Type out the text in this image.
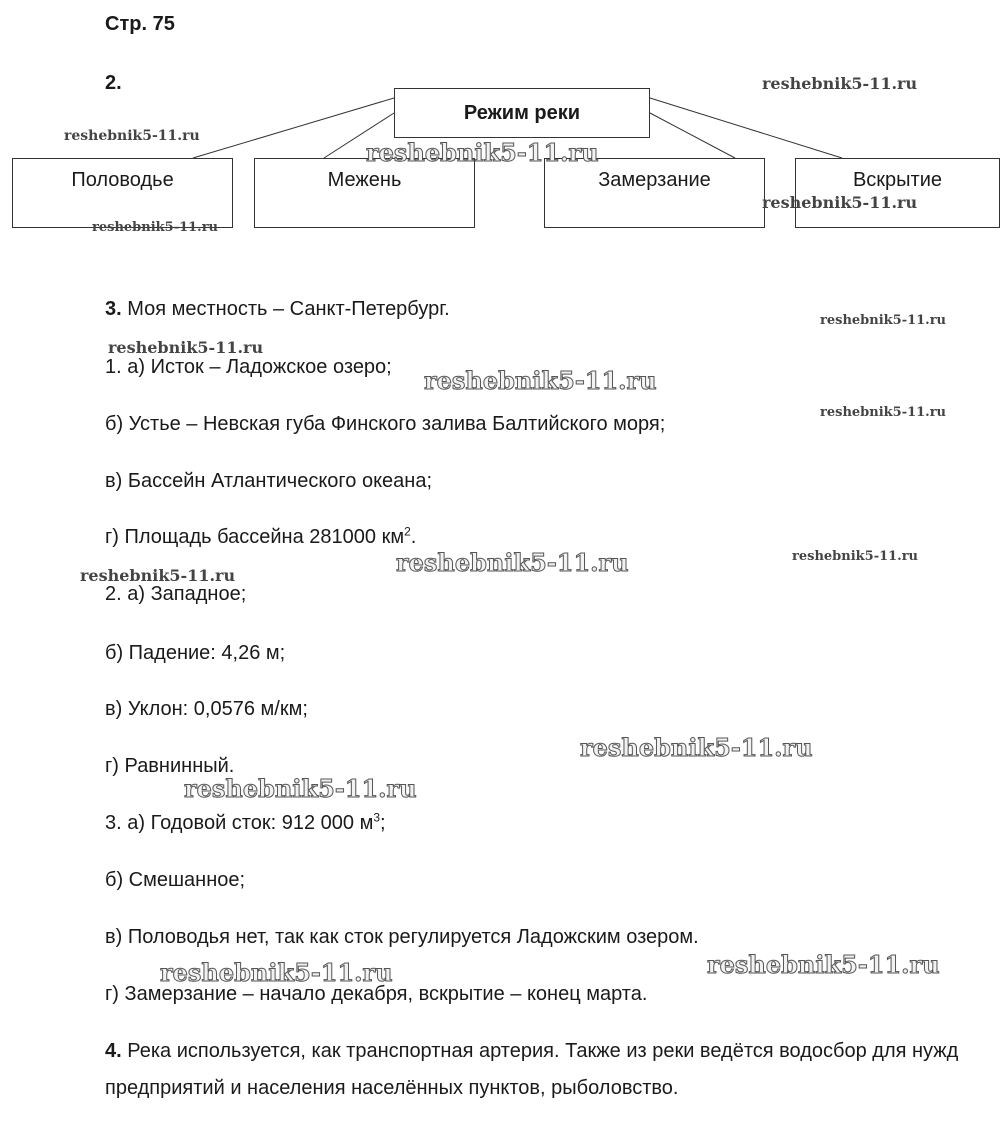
Стр. 75
2.
Режим реки
Половодье	Межень	Замерзание	Вскрытие
3. Моя местность – Санкт-Петербург.
1. а) Исток – Ладожское озеро;
б) Устье – Невская губа Финского залива Балтийского моря;
в) Бассейн Атлантического океана;
г) Площадь бассейна 281000 $км^2$.
2. а) Западное;
б) Падение: 4,26 м;
в) Уклон: 0,0576 м/км;
г) Равнинный.
3. а) Годовой сток: 912 000 $м^3$;
б) Смешанное;
в) Половодья нет, так как сток регулируется Ладожским озером.
г) Замерзание – начало декабря, вскрытие – конец марта.
4. Река используется, как транспортная артерия. Также из реки ведётся водосбор для нужд предприятий и населения населённых пунктов, рыболовство.
reshebnik5-11.ru
reshebnik5-11.ru
reshebnik5-11.ru
reshebnik5-11.ru
reshebnik5-11.ru
reshebnik5-11.ru
reshebnik5-11.ru
reshebnik5-11.ru
reshebnik5-11.ru
reshebnik5-11.ru
reshebnik5-11.ru
reshebnik5-11.ru
reshebnik5-11.ru
reshebnik5-11.ru
reshebnik5-11.ru
reshebnik5-11.ru
